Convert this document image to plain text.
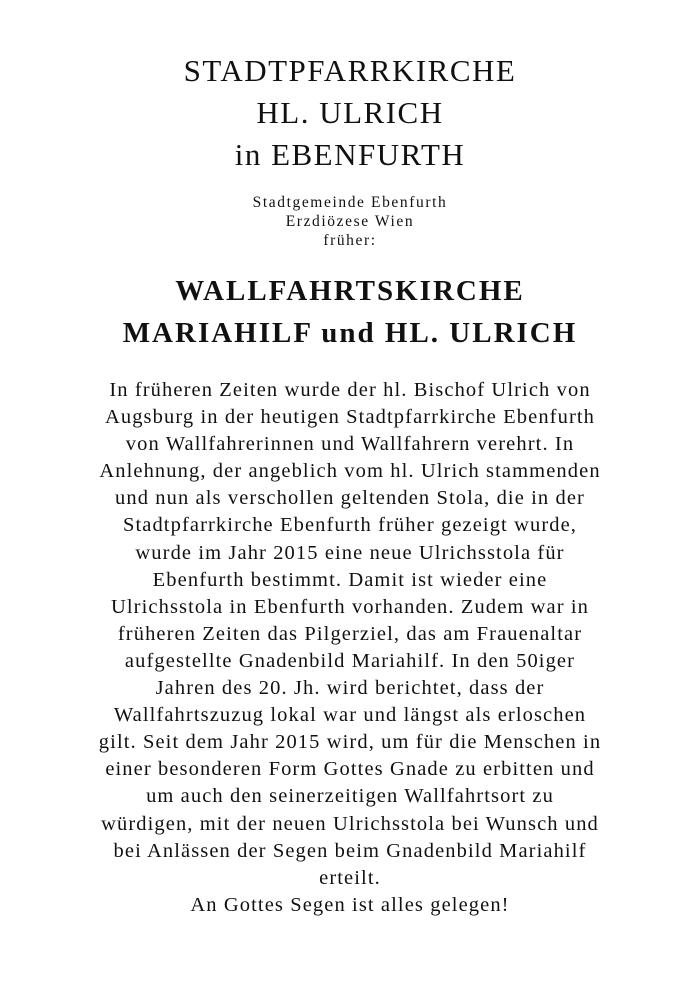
STADTPFARRKIRCHE
HL. ULRICH
in EBENFURTH
Stadtgemeinde Ebenfurth
Erzdiözese Wien
früher:
WALLFAHRTSKIRCHE
MARIAHILF und HL. ULRICH
In früheren Zeiten wurde der hl. Bischof Ulrich von
Augsburg in der heutigen Stadtpfarrkirche Ebenfurth
von Wallfahrerinnen und Wallfahrern verehrt. In
Anlehnung, der angeblich vom hl. Ulrich stammenden
und nun als verschollen geltenden Stola, die in der
Stadtpfarrkirche Ebenfurth früher gezeigt wurde,
wurde im Jahr 2015 eine neue Ulrichsstola für
Ebenfurth bestimmt. Damit ist wieder eine
Ulrichsstola in Ebenfurth vorhanden. Zudem war in
früheren Zeiten das Pilgerziel, das am Frauenaltar
aufgestellte Gnadenbild Mariahilf. In den 50iger
Jahren des 20. Jh. wird berichtet, dass der
Wallfahrtszuzug lokal war und längst als erloschen
gilt. Seit dem Jahr 2015 wird, um für die Menschen in
einer besonderen Form Gottes Gnade zu erbitten und
um auch den seinerzeitigen Wallfahrtsort zu
würdigen, mit der neuen Ulrichsstola bei Wunsch und
bei Anlässen der Segen beim Gnadenbild Mariahilf
erteilt.
An Gottes Segen ist alles gelegen!
